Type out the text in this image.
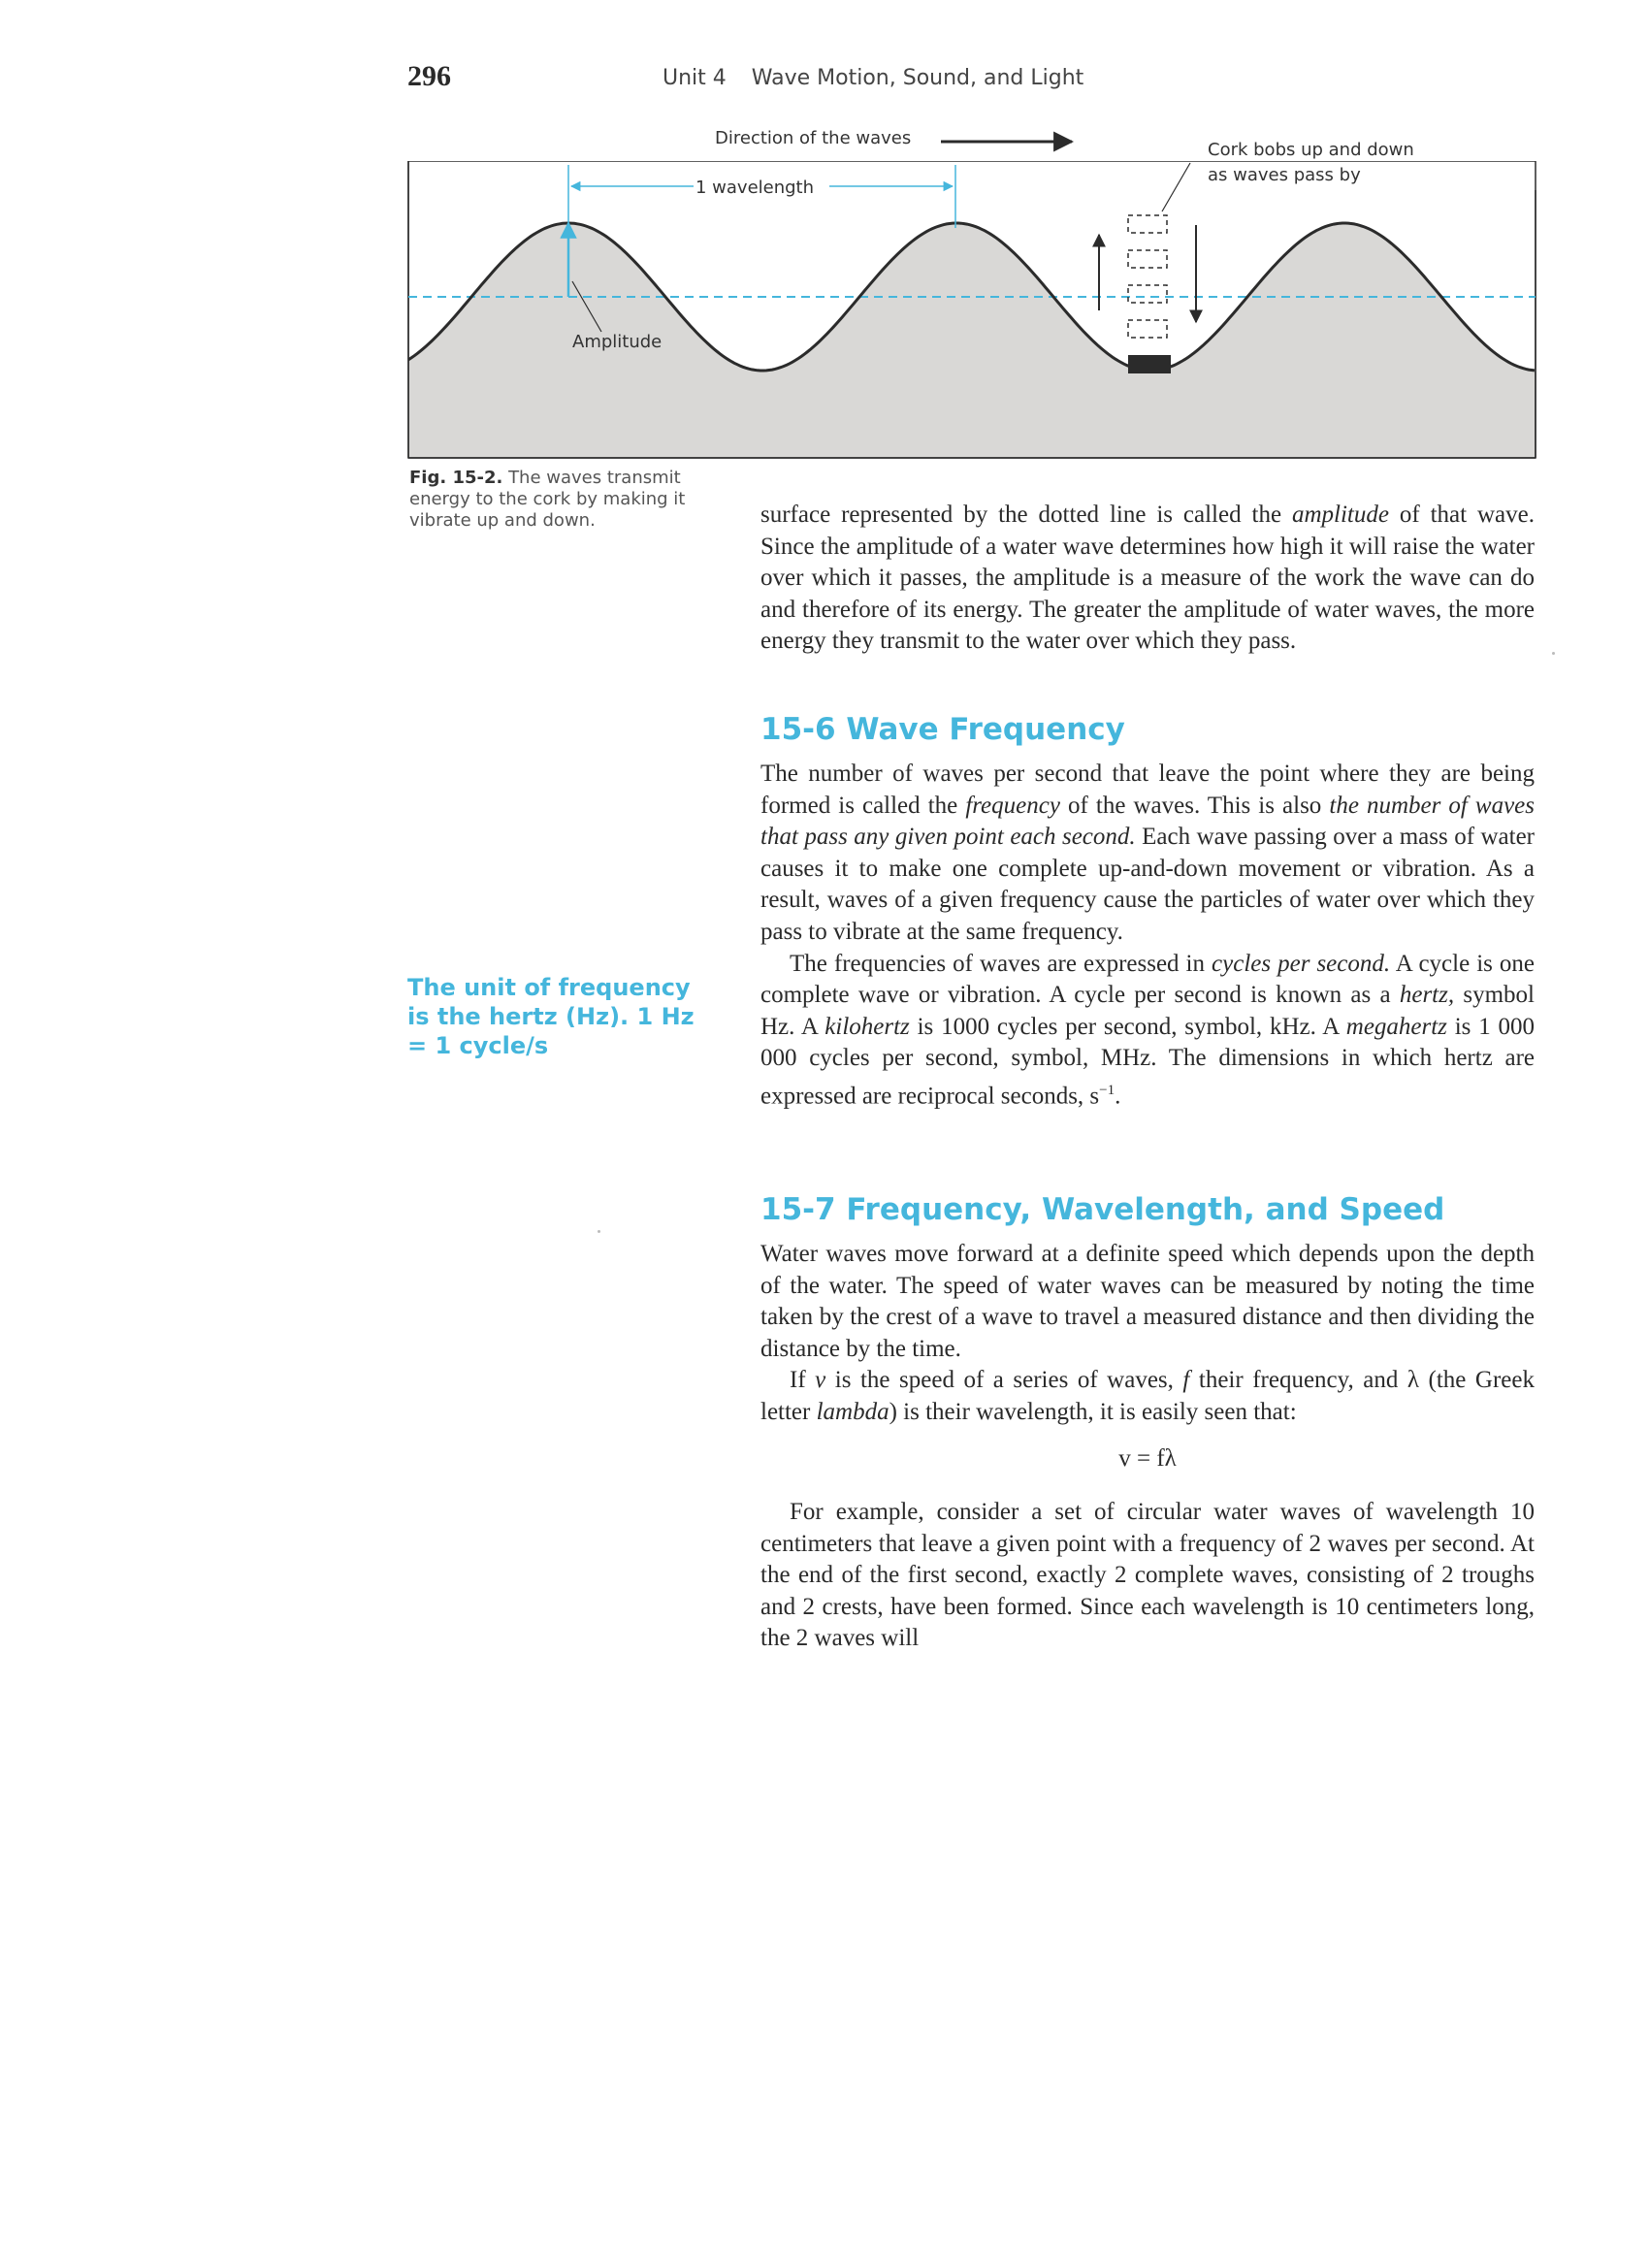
296	Unit 4 Wave Motion, Sound, and Light
Direction of the waves
1 wavelength
Cork bobs up and down
as waves pass by
Amplitude
Fig. 15-2. The waves transmit energy to the cork by making it vibrate up and down.
The unit of frequency is the hertz (Hz). 1 Hz = 1 cycle/s

surface represented by the dotted line is called the amplitude of that wave. Since the amplitude of a water wave determines how high it will raise the water over which it passes, the amplitude is a measure of the work the wave can do and therefore of its energy. The greater the amplitude of water waves, the more energy they transmit to the water over which they pass.

15-6 Wave Frequency

The number of waves per second that leave the point where they are being formed is called the frequency of the waves. This is also the number of waves that pass any given point each second. Each wave passing over a mass of water causes it to make one complete up-and-down movement or vibration. As a result, waves of a given frequency cause the particles of water over which they pass to vibrate at the same frequency.

The frequencies of waves are expressed in cycles per second. A cycle is one complete wave or vibration. A cycle per second is known as a hertz, symbol Hz. A kilohertz is 1000 cycles per second, symbol, kHz. A megahertz is 1 000 000 cycles per second, symbol, MHz. The dimensions in which hertz are expressed are reciprocal seconds, $s^{-1}$.

15-7 Frequency, Wavelength, and Speed

Water waves move forward at a definite speed which depends upon the depth of the water. The speed of water waves can be measured by noting the time taken by the crest of a wave to travel a measured distance and then dividing the distance by the time.

If v is the speed of a series of waves, f their frequency, and λ (the Greek letter lambda) is their wavelength, it is easily seen that:

v = fλ

For example, consider a set of circular water waves of wavelength 10 centimeters that leave a given point with a frequency of 2 waves per second. At the end of the first second, exactly 2 complete waves, consisting of 2 troughs and 2 crests, have been formed. Since each wavelength is 10 centimeters long, the 2 waves will
